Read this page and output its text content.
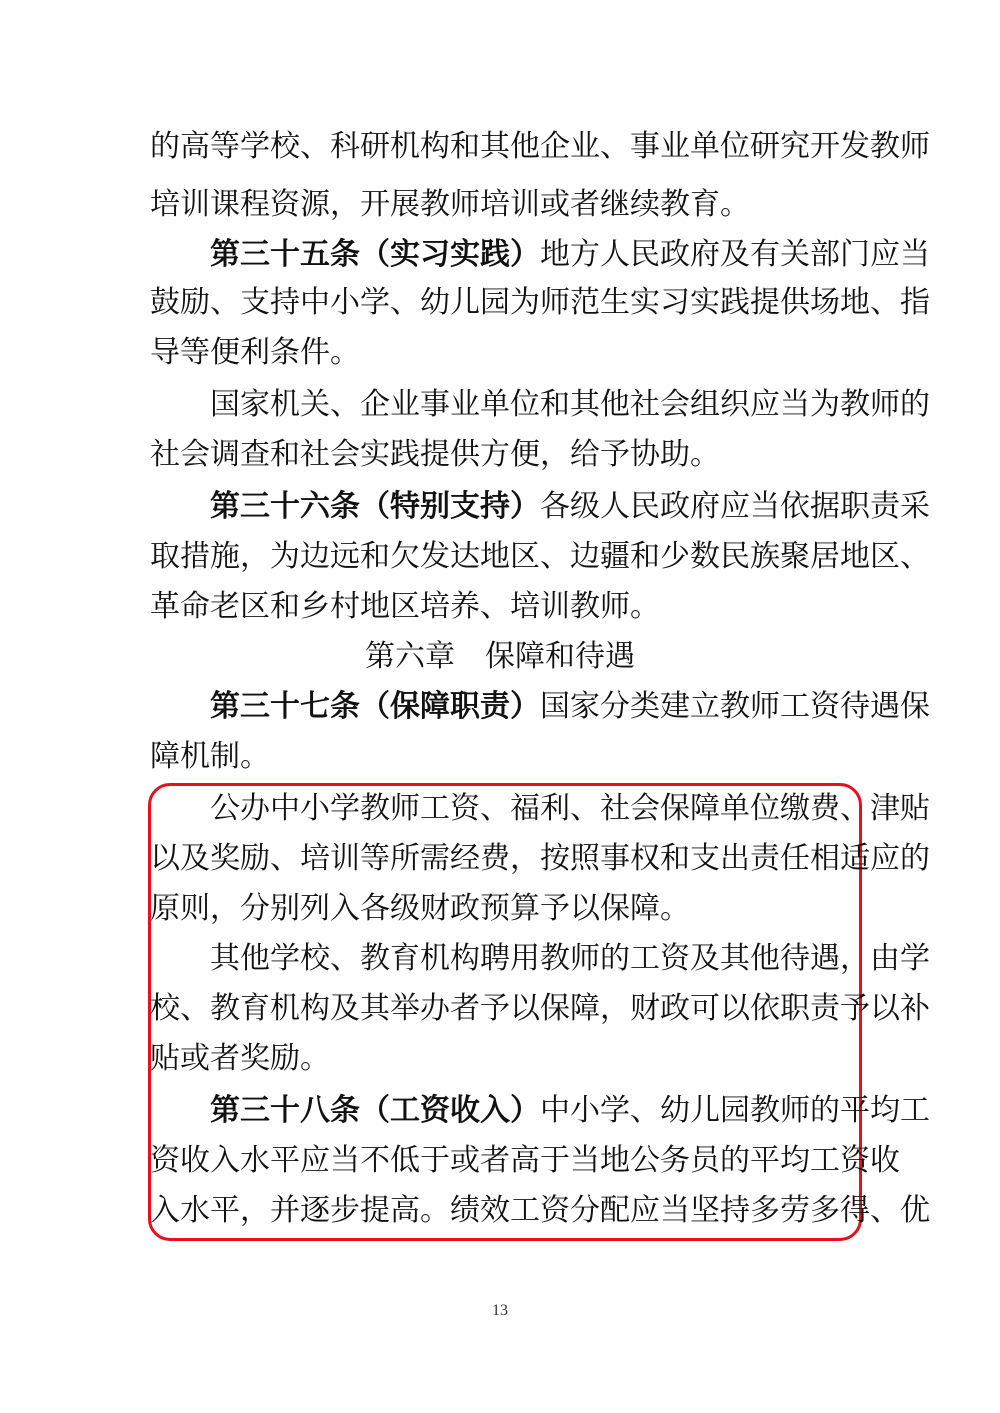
的高等学校、科研机构和其他企业、事业单位研究开发教师
培训课程资源，开展教师培训或者继续教育。
第三十五条（实习实践）地方人民政府及有关部门应当
鼓励、支持中小学、幼儿园为师范生实习实践提供场地、指
导等便利条件。
国家机关、企业事业单位和其他社会组织应当为教师的
社会调查和社会实践提供方便，给予协助。
第三十六条（特别支持）各级人民政府应当依据职责采
取措施，为边远和欠发达地区、边疆和少数民族聚居地区、
革命老区和乡村地区培养、培训教师。
第六章　保障和待遇
第三十七条（保障职责）国家分类建立教师工资待遇保
障机制。
公办中小学教师工资、福利、社会保障单位缴费、津贴
以及奖励、培训等所需经费，按照事权和支出责任相适应的
原则，分别列入各级财政预算予以保障。
其他学校、教育机构聘用教师的工资及其他待遇，由学
校、教育机构及其举办者予以保障，财政可以依职责予以补
贴或者奖励。
第三十八条（工资收入）中小学、幼儿园教师的平均工
资收入水平应当不低于或者高于当地公务员的平均工资收
入水平，并逐步提高。绩效工资分配应当坚持多劳多得、优
13
